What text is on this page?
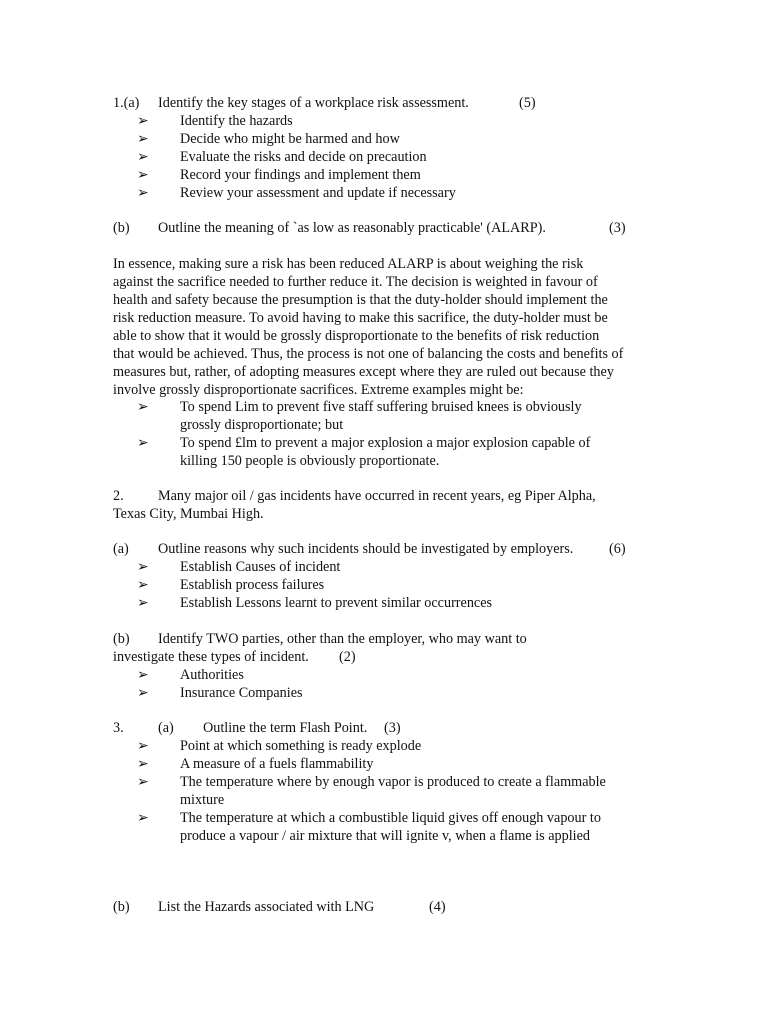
1.(a) Identify the key stages of a workplace risk assessment.	(5)
➢ Identify the hazards
➢ Decide who might be harmed and how
➢ Evaluate the risks and decide on precaution
➢ Record your findings and implement them
➢ Review your assessment and update if necessary
(b) Outline the meaning of `as low as reasonably practicable' (ALARP).	(3)
In essence, making sure a risk has been reduced ALARP is about weighing the risk
against the sacrifice needed to further reduce it. The decision is weighted in favour of
health and safety because the presumption is that the duty-holder should implement the
risk reduction measure. To avoid having to make this sacrifice, the duty-holder must be
able to show that it would be grossly disproportionate to the benefits of risk reduction
that would be achieved. Thus, the process is not one of balancing the costs and benefits of
measures but, rather, of adopting measures except where they are ruled out because they
involve grossly disproportionate sacrifices. Extreme examples might be:
➢ To spend Lim to prevent five staff suffering bruised knees is obviously
grossly disproportionate; but
➢ To spend £lm to prevent a major explosion a major explosion capable of
killing 150 people is obviously proportionate.
2. Many major oil / gas incidents have occurred in recent years, eg Piper Alpha,
Texas City, Mumbai High.
(a) Outline reasons why such incidents should be investigated by employers.	(6)
➢ Establish Causes of incident
➢ Establish process failures
➢ Establish Lessons learnt to prevent similar occurrences
(b) Identify TWO parties, other than the employer, who may want to
investigate these types of incident. (2)
➢ Authorities
➢ Insurance Companies
3. (a) Outline the term Flash Point. (3)
➢ Point at which something is ready explode
➢ A measure of a fuels flammability
➢ The temperature where by enough vapor is produced to create a flammable
mixture
➢ The temperature at which a combustible liquid gives off enough vapour to
produce a vapour / air mixture that will ignite v, when a flame is applied
(b) List the Hazards associated with LNG	(4)
